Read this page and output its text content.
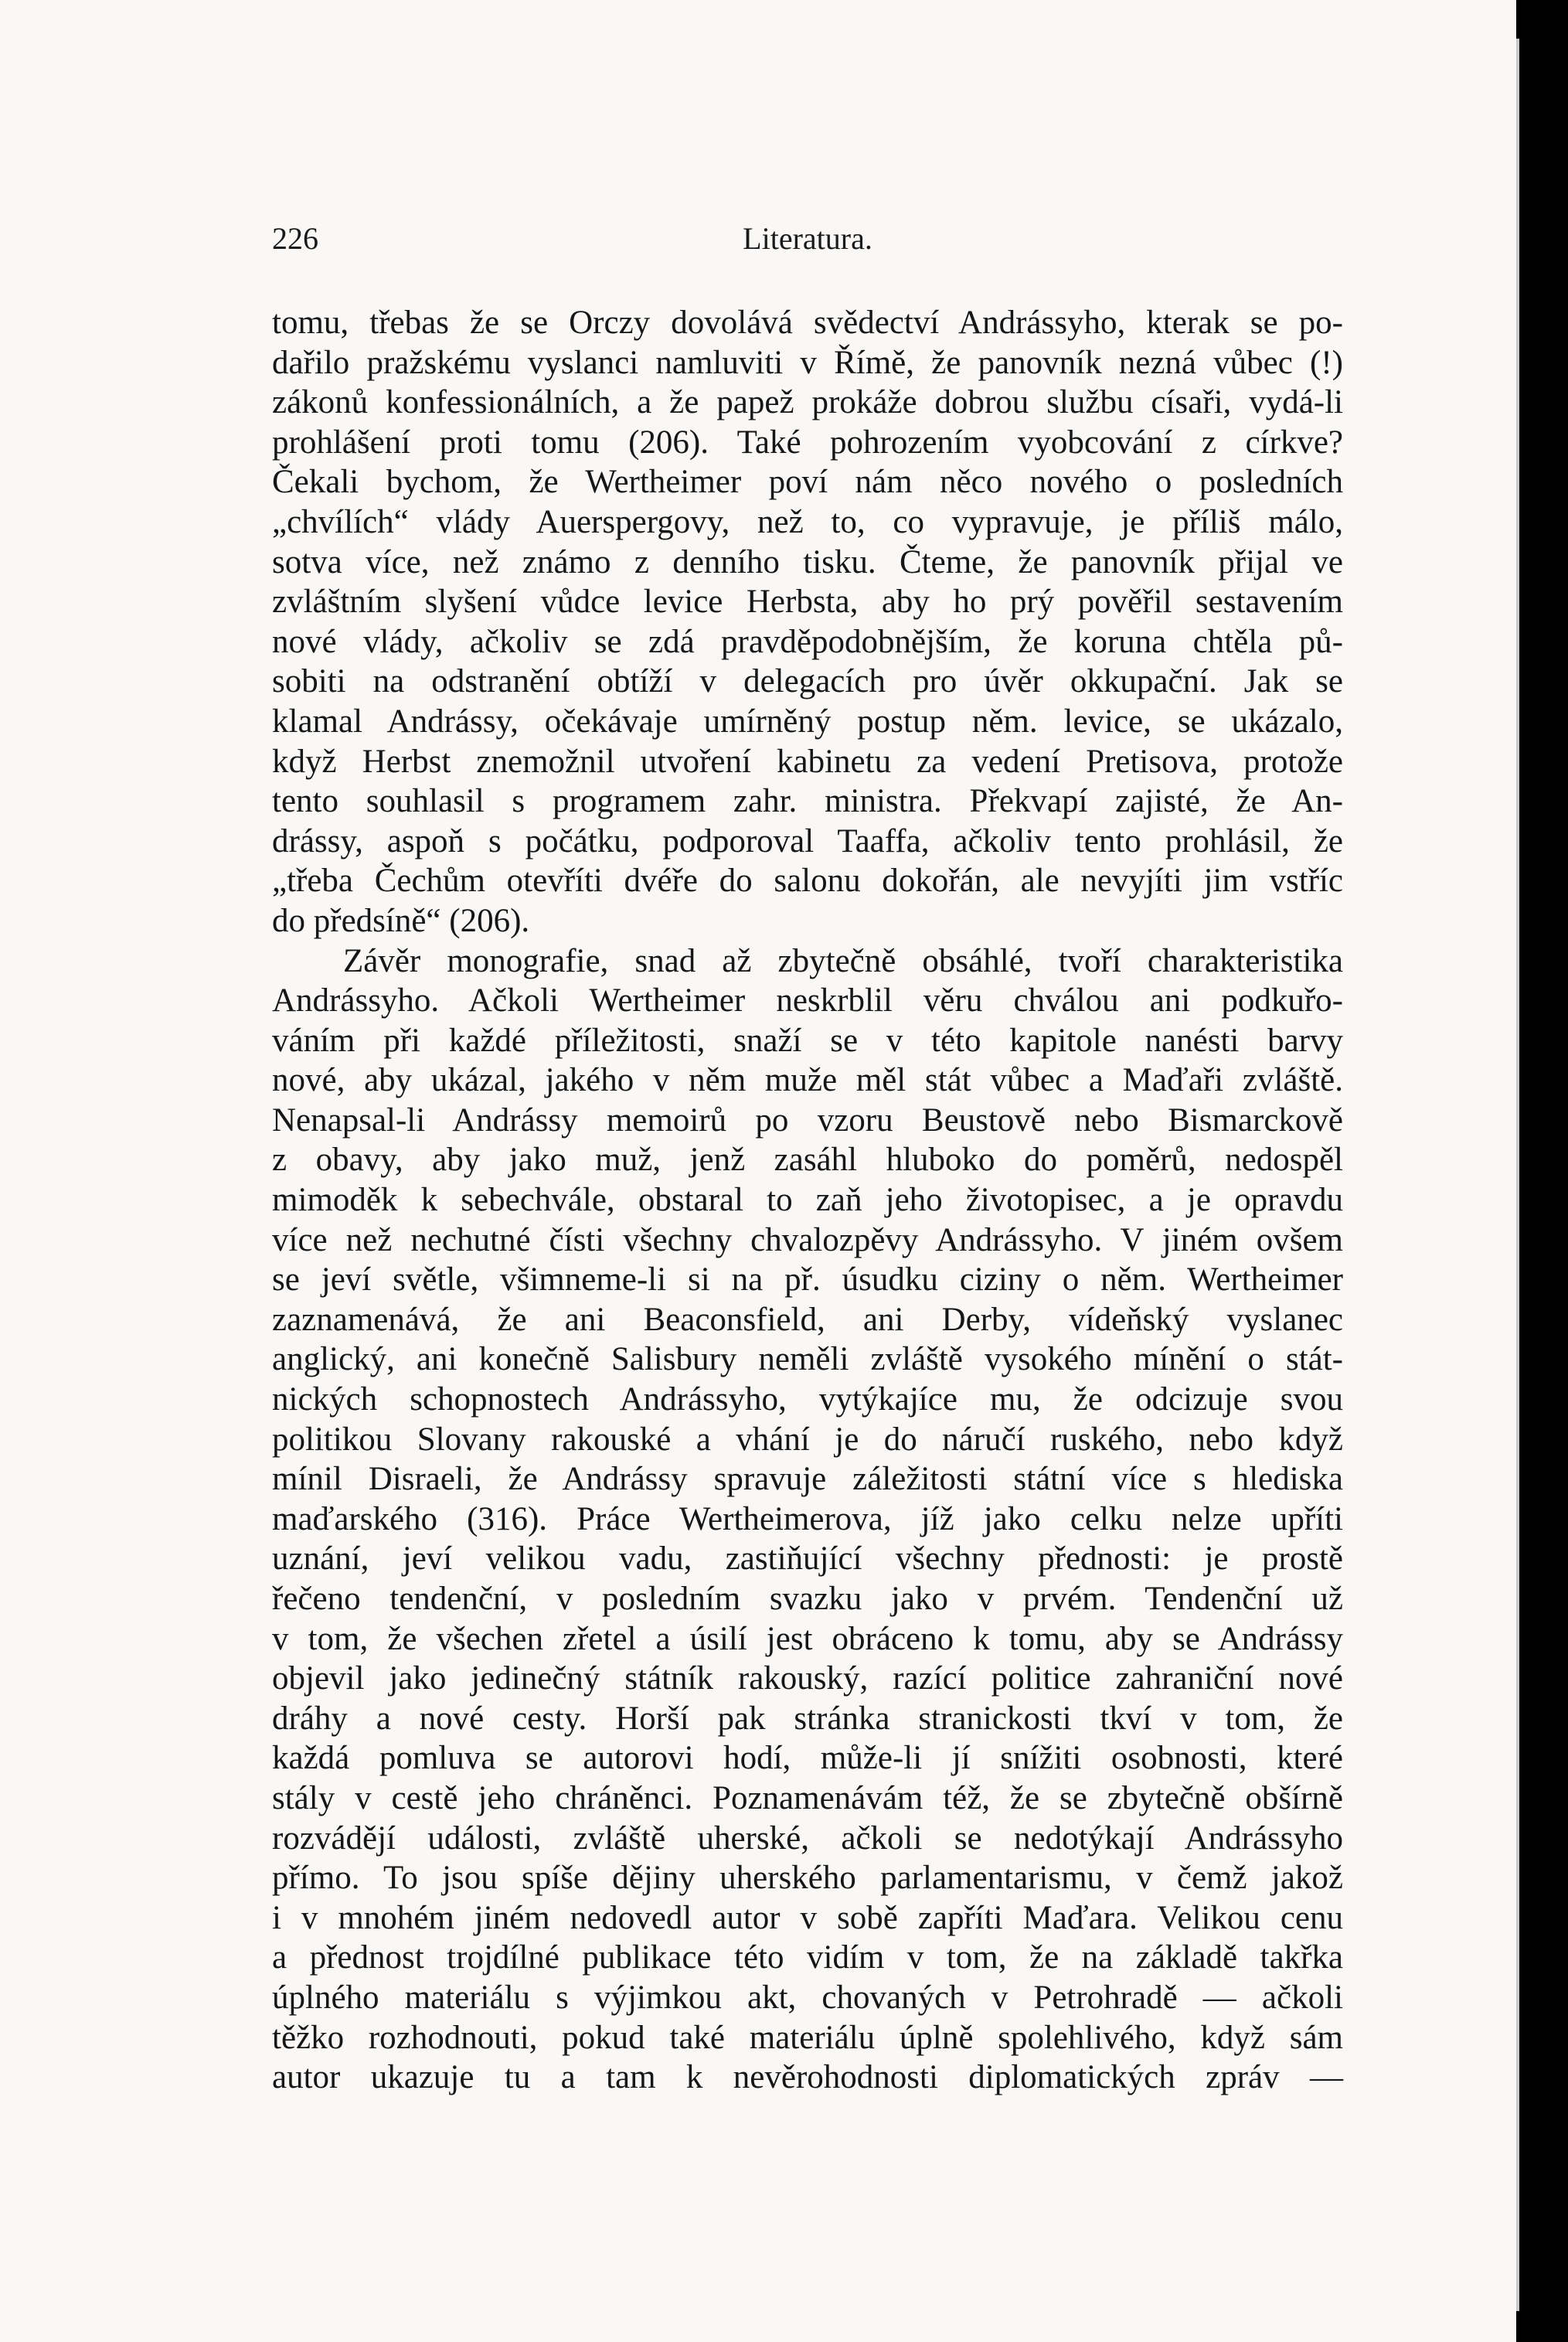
226	Literatura.
tomu, třebas že se Orczy dovolává svědectví Andrássyho, kterak se po-
dařilo pražskému vyslanci namluviti v Římě, že panovník nezná vůbec (!)
zákonů konfessionálních, a že papež prokáže dobrou službu císaři, vydá-li
prohlášení proti tomu (206). Také pohrozením vyobcování z církve?
Čekali bychom, že Wertheimer poví nám něco nového o posledních
„chvílích“ vlády Auerspergovy, než to, co vypravuje, je příliš málo,
sotva více, než známo z denního tisku. Čteme, že panovník přijal ve
zvláštním slyšení vůdce levice Herbsta, aby ho prý pověřil sestavením
nové vlády, ačkoliv se zdá pravděpodobnějším, že koruna chtěla pů-
sobiti na odstranění obtíží v delegacích pro úvěr okkupační. Jak se
klamal Andrássy, očekávaje umírněný postup něm. levice, se ukázalo,
když Herbst znemožnil utvoření kabinetu za vedení Pretisova, protože
tento souhlasil s programem zahr. ministra. Překvapí zajisté, že An-
drássy, aspoň s počátku, podporoval Taaffa, ačkoliv tento prohlásil, že
„třeba Čechům otevříti dvéře do salonu dokořán, ale nevyjíti jim vstříc
do předsíně“ (206).
Závěr monografie, snad až zbytečně obsáhlé, tvoří charakteristika
Andrássyho. Ačkoli Wertheimer neskrblil věru chválou ani podkuřo-
váním při každé příležitosti, snaží se v této kapitole nanésti barvy
nové, aby ukázal, jakého v něm muže měl stát vůbec a Maďaři zvláště.
Nenapsal-li Andrássy memoirů po vzoru Beustově nebo Bismarckově
z obavy, aby jako muž, jenž zasáhl hluboko do poměrů, nedospěl
mimoděk k sebechvále, obstaral to zaň jeho životopisec, a je opravdu
více než nechutné čísti všechny chvalozpěvy Andrássyho. V jiném ovšem
se jeví světle, všimneme-li si na př. úsudku ciziny o něm. Wertheimer
zaznamenává, že ani Beaconsfield, ani Derby, vídeňský vyslanec
anglický, ani konečně Salisbury neměli zvláště vysokého mínění o stát-
nických schopnostech Andrássyho, vytýkajíce mu, že odcizuje svou
politikou Slovany rakouské a vhání je do náručí ruského, nebo když
mínil Disraeli, že Andrássy spravuje záležitosti státní více s hlediska
maďarského (316). Práce Wertheimerova, jíž jako celku nelze upříti
uznání, jeví velikou vadu, zastiňující všechny přednosti: je prostě
řečeno tendenční, v posledním svazku jako v prvém. Tendenční už
v tom, že všechen zřetel a úsilí jest obráceno k tomu, aby se Andrássy
objevil jako jedinečný státník rakouský, razící politice zahraniční nové
dráhy a nové cesty. Horší pak stránka stranickosti tkví v tom, že
každá pomluva se autorovi hodí, může-li jí snížiti osobnosti, které
stály v cestě jeho chráněnci. Poznamenávám též, že se zbytečně obšírně
rozvádějí události, zvláště uherské, ačkoli se nedotýkají Andrássyho
přímo. To jsou spíše dějiny uherského parlamentarismu, v čemž jakož
i v mnohém jiném nedovedl autor v sobě zapříti Maďara. Velikou cenu
a přednost trojdílné publikace této vidím v tom, že na základě takřka
úplného materiálu s výjimkou akt, chovaných v Petrohradě — ačkoli
těžko rozhodnouti, pokud také materiálu úplně spolehlivého, když sám
autor ukazuje tu a tam k nevěrohodnosti diplomatických zpráv —
